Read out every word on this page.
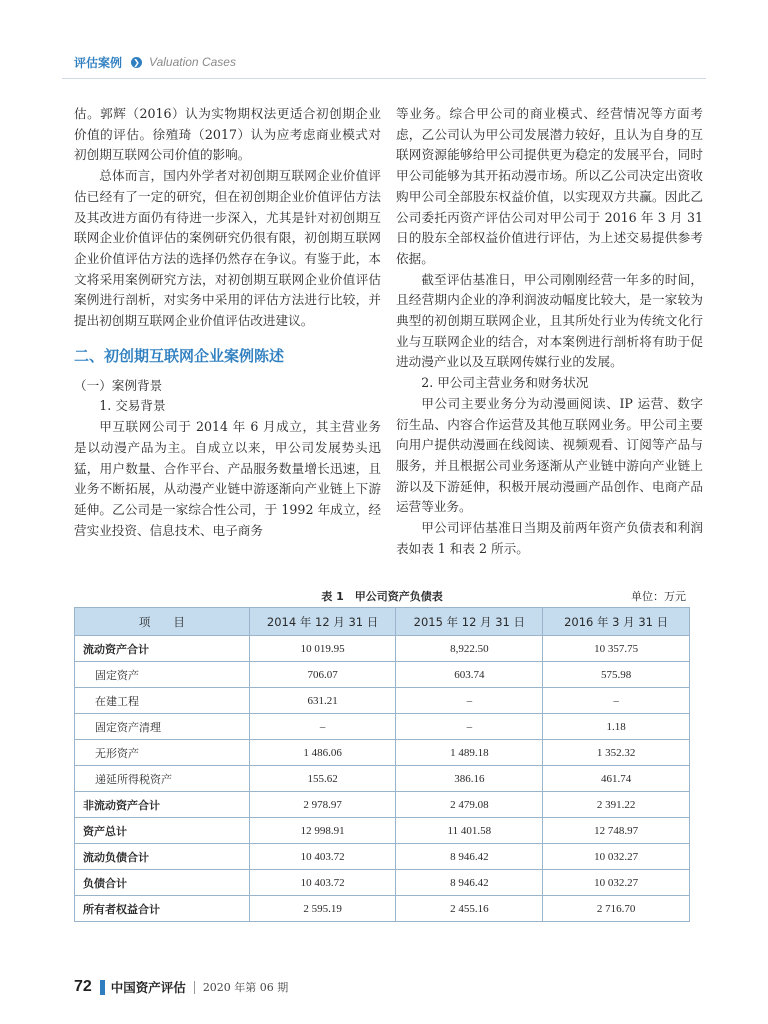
评估案例 ❯ Valuation Cases

估。郭辉（2016）认为实物期权法更适合初创期企业价值的评估。徐殖琦（2017）认为应考虑商业模式对初创期互联网公司价值的影响。

总体而言，国内外学者对初创期互联网企业价值评估已经有了一定的研究，但在初创期企业价值评估方法及其改进方面仍有待进一步深入，尤其是针对初创期互联网企业价值评估的案例研究仍很有限，初创期互联网企业价值评估方法的选择仍然存在争议。有鉴于此，本文将采用案例研究方法，对初创期互联网企业价值评估案例进行剖析，对实务中采用的评估方法进行比较，并提出初创期互联网企业价值评估改进建议。

二、初创期互联网企业案例陈述

（一）案例背景

1. 交易背景

甲互联网公司于 2014 年 6 月成立，其主营业务是以动漫产品为主。自成立以来，甲公司发展势头迅猛，用户数量、合作平台、产品服务数量增长迅速，且业务不断拓展，从动漫产业链中游逐渐向产业链上下游延伸。乙公司是一家综合性公司，于 1992 年成立，经营实业投资、信息技术、电子商务

等业务。综合甲公司的商业模式、经营情况等方面考虑，乙公司认为甲公司发展潜力较好，且认为自身的互联网资源能够给甲公司提供更为稳定的发展平台，同时甲公司能够为其开拓动漫市场。所以乙公司决定出资收购甲公司全部股东权益价值，以实现双方共赢。因此乙公司委托丙资产评估公司对甲公司于 2016 年 3 月 31 日的股东全部权益价值进行评估，为上述交易提供参考依据。

截至评估基准日，甲公司刚刚经营一年多的时间，且经营期内企业的净利润波动幅度比较大，是一家较为典型的初创期互联网企业，且其所处行业为传统文化行业与互联网企业的结合，对本案例进行剖析将有助于促进动漫产业以及互联网传媒行业的发展。

2. 甲公司主营业务和财务状况

甲公司主要业务分为动漫画阅读、IP 运营、数字衍生品、内容合作运营及其他互联网业务。甲公司主要向用户提供动漫画在线阅读、视频观看、订阅等产品与服务，并且根据公司业务逐渐从产业链中游向产业链上游以及下游延伸，积极开展动漫画产品创作、电商产品运营等业务。

甲公司评估基准日当期及前两年资产负债表和利润表如表 1 和表 2 所示。

表 1　甲公司资产负债表	单位：万元
项　　目	2014 年 12 月 31 日	2015 年 12 月 31 日	2016 年 3 月 31 日
流动资产合计	10 019.95	8,922.50	10 357.75
固定资产	706.07	603.74	575.98
在建工程	631.21	–	–
固定资产清理	–	–	1.18
无形资产	1 486.06	1 489.18	1 352.32
递延所得税资产	155.62	386.16	461.74
非流动资产合计	2 978.97	2 479.08	2 391.22
资产总计	12 998.91	11 401.58	12 748.97
流动负债合计	10 403.72	8 946.42	10 032.27
负债合计	10 403.72	8 946.42	10 032.27
所有者权益合计	2 595.19	2 455.16	2 716.70
72 中国资产评估 2020 年第 06 期
